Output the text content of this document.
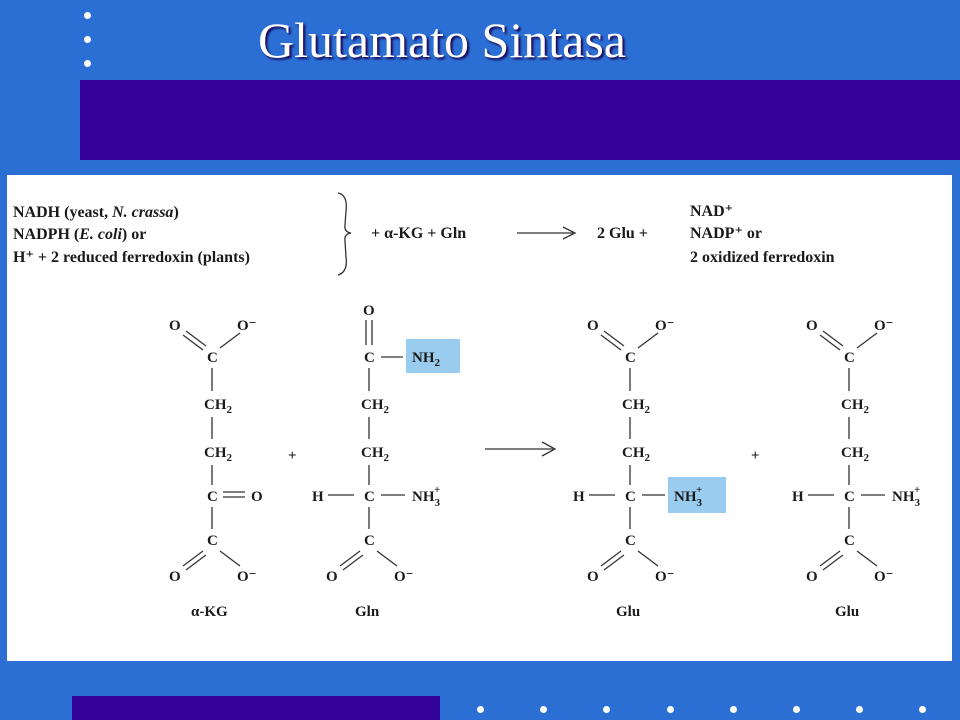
Glutamato Sintasa
NADH (yeast, N. crassa)
NADPH (E. coli) or
H⁺ + 2 reduced ferredoxin (plants)
+ α-KG + Gln	2 Glu +
NAD⁺
NADP⁺ or
2 oxidized ferredoxin
O	O⁻
C
$CH_2$
$CH_2$
C O
C
O	O⁻
α-KG
+
O
C $NH_2$
$CH_2$
$CH_2$
H	C $NH_3+$
C
O	O⁻
Gln
O	O⁻
C
$CH_2$
$CH_2$
H	C	$NH_3+$
C
O	O⁻
Glu
+
O	O⁻
C
$CH_2$
$CH_2$
H	C $NH_3+$
C
O	O⁻
Glu
